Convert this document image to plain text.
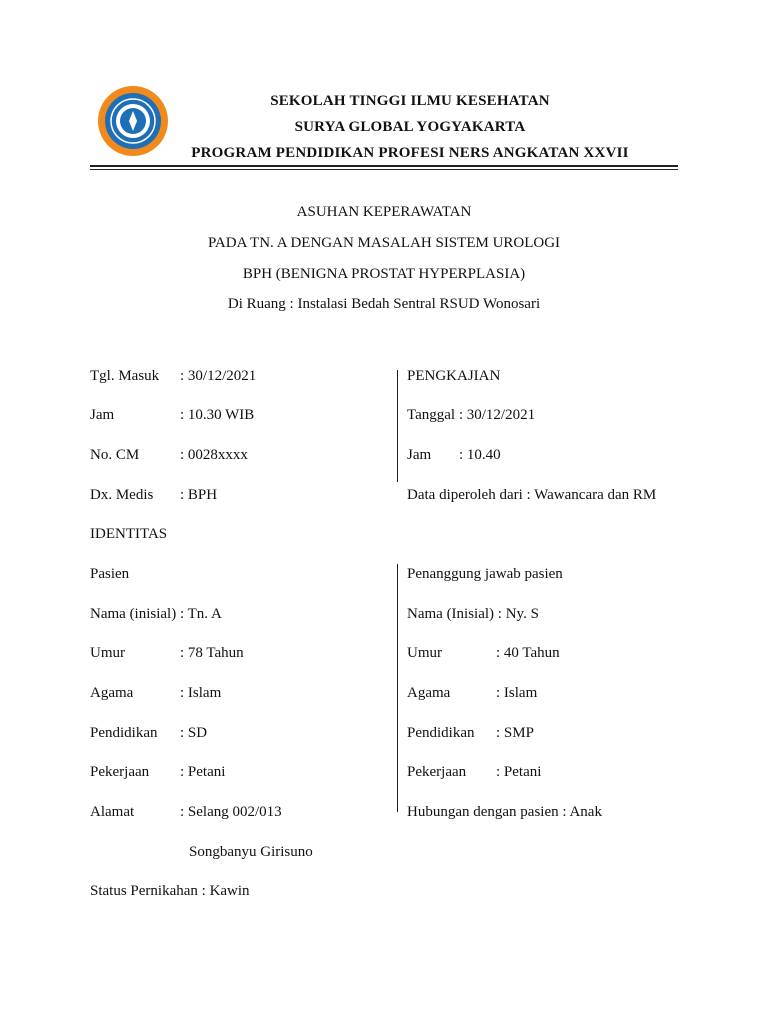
SEKOLAH TINGGI ILMU KESEHATAN
SURYA GLOBAL YOGYAKARTA
PROGRAM PENDIDIKAN PROFESI NERS ANGKATAN XXVII
ASUHAN KEPERAWATAN
PADA TN. A DENGAN MASALAH SISTEM UROLOGI
BPH (BENIGNA PROSTAT HYPERPLASIA)
Di Ruang : Instalasi Bedah Sentral RSUD Wonosari
Tgl. Masuk : 30/12/2021
Jam	: 10.30 WIB
No. CM	: 0028xxxx
Dx. Medis : BPH
PENGKAJIAN
Tanggal : 30/12/2021
Jam : 10.40
Data diperoleh dari : Wawancara dan RM
IDENTITAS
Pasien
Nama (inisial) : Tn. A
Umur	: 78 Tahun
Agama	: Islam
Pendidikan : SD
Pekerjaan : Petani
Alamat	: Selang 002/013
Songbanyu Girisuno
Status Pernikahan : Kawin
Penanggung jawab pasien
Nama (Inisial) : Ny. S
Umur	: 40 Tahun
Agama	: Islam
Pendidikan : SMP
Pekerjaan : Petani
Hubungan dengan pasien : Anak
